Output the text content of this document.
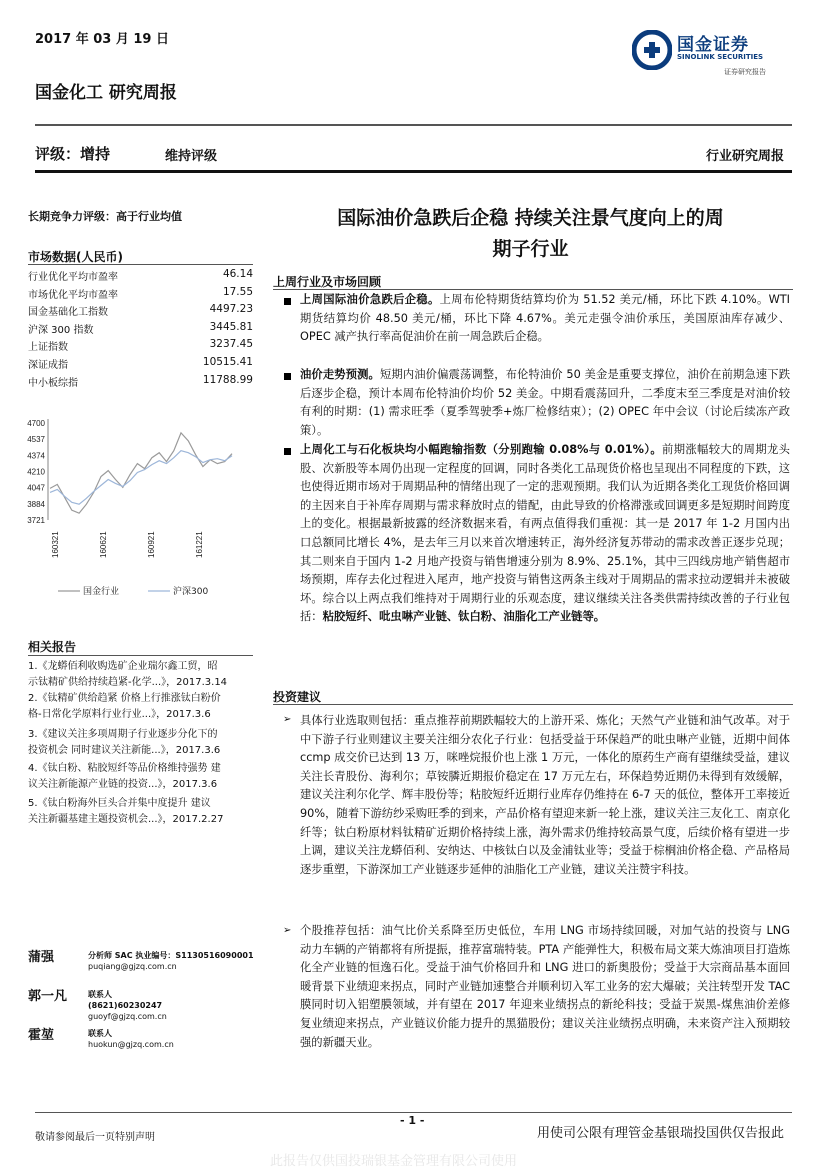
2017 年 03 月 19 日	国金证券
SINOLINK SECURITIES
证券研究报告
国金化工 研究周报
评级：增持	维持评级	行业研究周报
长期竞争力评级：高于行业均值
市场数据(人民币)
行业优化平均市盈率	46.14
市场优化平均市盈率	17.55
国金基础化工指数	4497.23
沪深 300 指数	3445.81
上证指数	3237.45
深证成指	10515.41
中小板综指	11788.99
4700
4537
4374
4210
4047
3884
3721
160321	160621	160921	161221
国金行业	沪深300
相关报告
1.《龙蟒佰利收购选矿企业瑞尔鑫工贸，昭
示钛精矿供给持续趋紧-化学...》，2017.3.14
2.《钛精矿供给趋紧 价格上行推涨钛白粉价
格-日常化学原料行业行业...》，2017.3.6
3.《建议关注多项周期子行业逐步分化下的
投资机会 同时建议关注新能...》，2017.3.6
4.《钛白粉、粘胶短纤等品价格维持强势 建
议关注新能源产业链的投资...》，2017.3.6
5.《钛白粉海外巨头合并集中度提升 建议
关注新疆基建主题投资机会...》，2017.2.27
蒲强	分析师 SAC 执业编号：S1130516090001
puqiang@gjzq.com.cn
郭一凡	联系人
(8621)60230247
guoyf@gjzq.com.cn
霍堃	联系人
huokun@gjzq.com.cn
国际油价急跌后企稳 持续关注景气度向上的周
期子行业
上周行业及市场回顾
上周国际油价急跌后企稳。上周布伦特期货结算均价为 51.52 美元/桶，环比下跌 4.10%。WTI 期货结算均价 48.50 美元/桶，环比下降 4.67%。美元走强令油价承压，美国原油库存减少、OPEC 减产执行率高促油价在前一周急跌后企稳。
油价走势预测。短期内油价偏震荡调整，布伦特油价 50 美金是重要支撑位，油价在前期急速下跌后逐步企稳，预计本周布伦特油价均价 52 美金。中期看震荡回升，二季度末至三季度是对油价较有利的时期：(1) 需求旺季（夏季驾驶季+炼厂检修结束）；(2) OPEC 年中会议（讨论后续冻产政策）。
上周化工与石化板块均小幅跑输指数（分别跑输 0.08%与 0.01%）。前期涨幅较大的周期龙头股、次新股等本周仍出现一定程度的回调，同时各类化工品现货价格也呈现出不同程度的下跌，这也使得近期市场对于周期品种的情绪出现了一定的悲观预期。我们认为近期各类化工现货价格回调的主因来自于补库存周期与需求释放时点的错配，由此导致的价格滞涨或回调更多是短期时间跨度上的变化。根据最新披露的经济数据来看，有两点值得我们重视：其一是 2017 年 1-2 月国内出口总额同比增长 4%，是去年三月以来首次增速转正，海外经济复苏带动的需求改善正逐步兑现；其二则来自于国内 1-2 月地产投资与销售增速分别为 8.9%、25.1%，其中三四线房地产销售超市场预期，库存去化过程进入尾声，地产投资与销售这两条主线对于周期品的需求拉动逻辑并未被破坏。综合以上两点我们维持对于周期行业的乐观态度，建议继续关注各类供需持续改善的子行业包括：粘胶短纤、吡虫啉产业链、钛白粉、油脂化工产业链等。
投资建议
➢ 具体行业选取则包括：重点推荐前期跌幅较大的上游开采、炼化；天然气产业链和油气改革。对于中下游子行业则建议主要关注细分农化子行业：包括受益于环保趋严的吡虫啉产业链，近期中间体 ccmp 成交价已达到 13 万，咪唑烷报价也上涨 1 万元，一体化的原药生产商有望继续受益，建议关注长青股份、海利尔；草铵膦近期报价稳定在 17 万元左右，环保趋势近期仍未得到有效缓解，建议关注利尔化学、辉丰股份等；粘胶短纤近期行业库存仍维持在 6-7 天的低位，整体开工率接近 90%，随着下游纺纱采购旺季的到来，产品价格有望迎来新一轮上涨，建议关注三友化工、南京化纤等；钛白粉原材料钛精矿近期价格持续上涨，海外需求仍维持较高景气度，后续价格有望进一步上调，建议关注龙蟒佰利、安纳达、中核钛白以及金浦钛业等；受益于棕榈油价格企稳、产品格局逐步重塑，下游深加工产业链逐步延伸的油脂化工产业链，建议关注赞宇科技。
➢ 个股推荐包括：油气比价关系降至历史低位，车用 LNG 市场持续回暖，对加气站的投资与 LNG 动力车辆的产销都将有所提振，推荐富瑞特装。PTA 产能弹性大，积极布局文莱大炼油项目打造炼化全产业链的恒逸石化。受益于油气价格回升和 LNG 进口的新奥股份；受益于大宗商品基本面回暖背景下业绩迎来拐点，同时产业链加速整合并顺利切入军工业务的宏大爆破；关注转型开发 TAC 膜同时切入铝塑膜领域，并有望在 2017 年迎来业绩拐点的新纶科技；受益于炭黑-煤焦油价差修复业绩迎来拐点，产业链议价能力提升的黑猫股份；建议关注业绩拐点明确，未来资产注入预期较强的新疆天业。
- 1 -
敬请参阅最后一页特别声明	用使司公限有理管金基银瑞投国供仅告报此
此报告仅供国投瑞银基金管理有限公司使用
